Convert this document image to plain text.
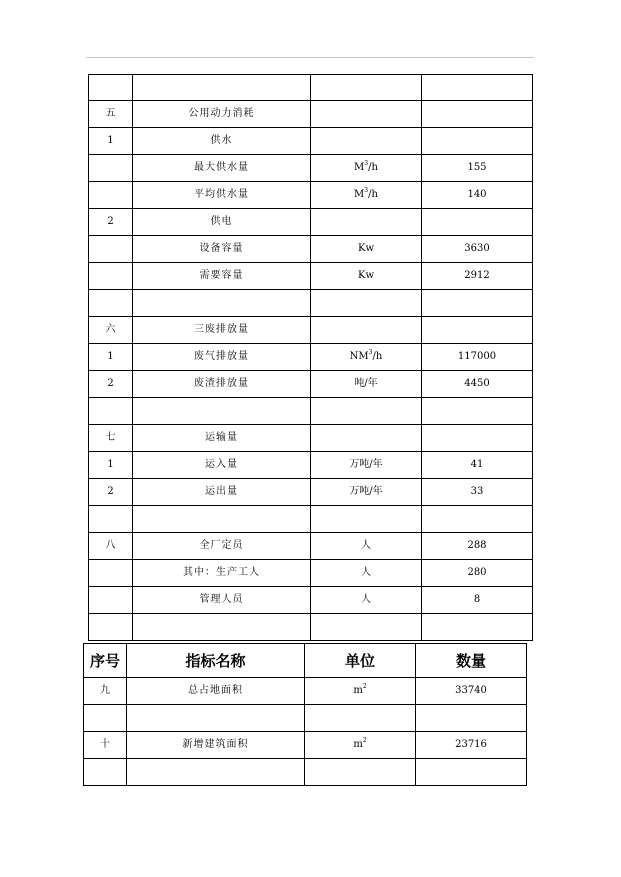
五	公用动力消耗		
1	供水		
	最大供水量	$M^3/h$	155
	平均供水量	$M^3/h$	140
2	供电		
	设备容量	Kw	3630
	需要容量	Kw	2912

六	三废排放量		
1	废气排放量	$NM^3/h$	117000
2	废渣排放量	吨/年	4450

七	运输量		
1	运入量	万吨/年	41
2	运出量	万吨/年	33

八	全厂定员	人	288
	其中：生产工人	人	280
	管理人员	人	8

序号	指标名称	单位	数量
九	总占地面积	$m^2$	33740

十	新增建筑面积	$m^2$	23716
